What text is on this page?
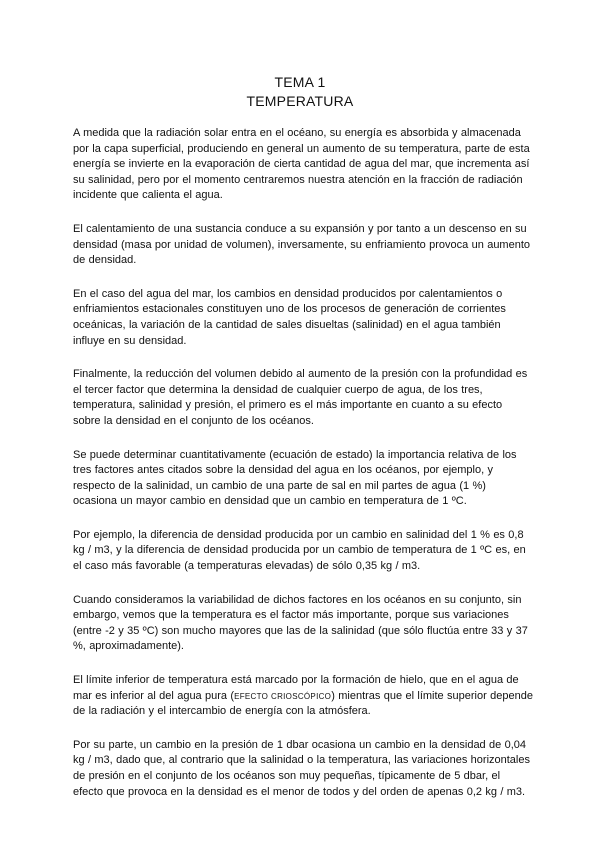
TEMA 1
TEMPERATURA

A medida que la radiación solar entra en el océano, su energía es absorbida y almacenada por la capa superficial, produciendo en general un aumento de su temperatura, parte de esta energía se invierte en la evaporación de cierta cantidad de agua del mar, que incrementa así su salinidad, pero por el momento centraremos nuestra atención en la fracción de radiación incidente que calienta el agua.

El calentamiento de una sustancia conduce a su expansión y por tanto a un descenso en su densidad (masa por unidad de volumen), inversamente, su enfriamiento provoca un aumento de densidad.

En el caso del agua del mar, los cambios en densidad producidos por calentamientos o enfriamientos estacionales constituyen uno de los procesos de generación de corrientes oceánicas, la variación de la cantidad de sales disueltas (salinidad) en el agua también influye en su densidad.

Finalmente, la reducción del volumen debido al aumento de la presión con la profundidad es el tercer factor que determina la densidad de cualquier cuerpo de agua, de los tres, temperatura, salinidad y presión, el primero es el más importante en cuanto a su efecto sobre la densidad en el conjunto de los océanos.

Se puede determinar cuantitativamente (ecuación de estado) la importancia relativa de los tres factores antes citados sobre la densidad del agua en los océanos, por ejemplo, y respecto de la salinidad, un cambio de una parte de sal en mil partes de agua (1 %) ocasiona un mayor cambio en densidad que un cambio en temperatura de 1 ºC.

Por ejemplo, la diferencia de densidad producida por un cambio en salinidad del 1 % es 0,8 kg / m3, y la diferencia de densidad producida por un cambio de temperatura de 1 ºC es, en el caso más favorable (a temperaturas elevadas) de sólo 0,35 kg / m3.

Cuando consideramos la variabilidad de dichos factores en los océanos en su conjunto, sin embargo, vemos que la temperatura es el factor más importante, porque sus variaciones (entre -2 y 35 ºC) son mucho mayores que las de la salinidad (que sólo fluctúa entre 33 y 37 %, aproximadamente).

El límite inferior de temperatura está marcado por la formación de hielo, que en el agua de mar es inferior al del agua pura (EFECTO CRIOSCÓPICO) mientras que el límite superior depende de la radiación y el intercambio de energía con la atmósfera.

Por su parte, un cambio en la presión de 1 dbar ocasiona un cambio en la densidad de 0,04 kg / m3, dado que, al contrario que la salinidad o la temperatura, las variaciones horizontales de presión en el conjunto de los océanos son muy pequeñas, típicamente de 5 dbar, el efecto que provoca en la densidad es el menor de todos y del orden de apenas 0,2 kg / m3.
